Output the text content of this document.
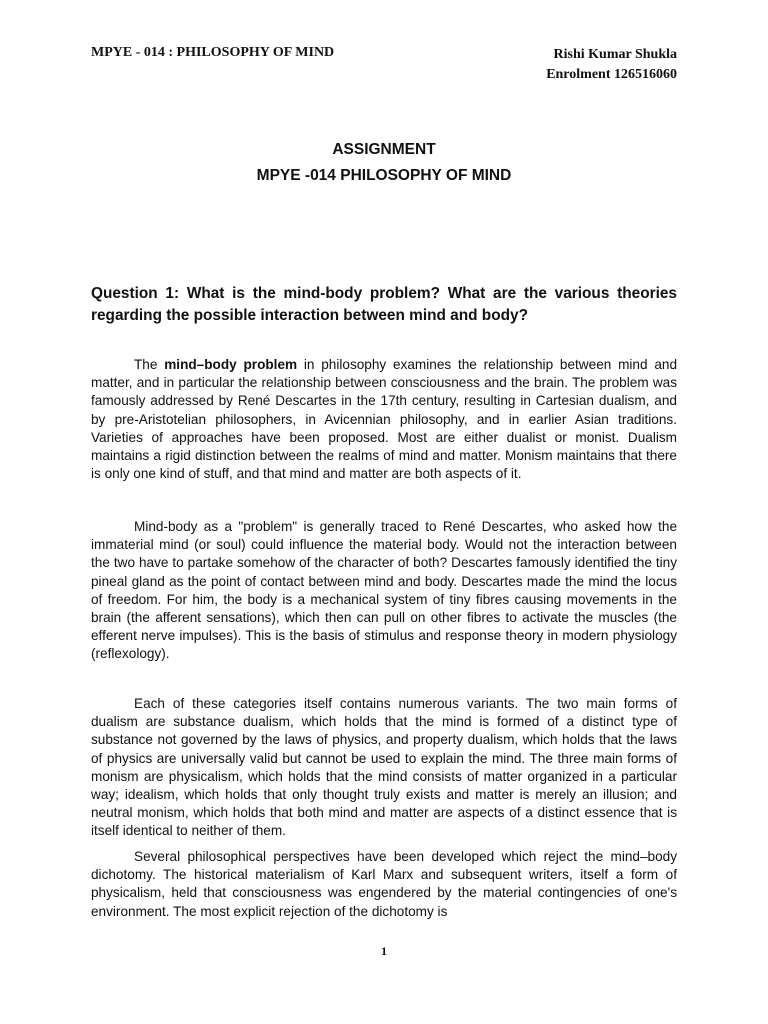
MPYE - 014 : PHILOSOPHY OF MIND	Rishi Kumar Shukla
Enrolment 126516060
ASSIGNMENT
MPYE -014 PHILOSOPHY OF MIND
Question 1: What is the mind-body problem? What are the various theories regarding the possible interaction between mind and body?

The mind–body problem in philosophy examines the relationship between mind and matter, and in particular the relationship between consciousness and the brain. The problem was famously addressed by René Descartes in the 17th century, resulting in Cartesian dualism, and by pre-Aristotelian philosophers, in Avicennian philosophy, and in earlier Asian traditions. Varieties of approaches have been proposed. Most are either dualist or monist. Dualism maintains a rigid distinction between the realms of mind and matter. Monism maintains that there is only one kind of stuff, and that mind and matter are both aspects of it.

Mind-body as a "problem" is generally traced to René Descartes, who asked how the immaterial mind (or soul) could influence the material body. Would not the interaction between the two have to partake somehow of the character of both? Descartes famously identified the tiny pineal gland as the point of contact between mind and body. Descartes made the mind the locus of freedom. For him, the body is a mechanical system of tiny fibres causing movements in the brain (the afferent sensations), which then can pull on other fibres to activate the muscles (the efferent nerve impulses). This is the basis of stimulus and response theory in modern physiology (reflexology).

Each of these categories itself contains numerous variants. The two main forms of dualism are substance dualism, which holds that the mind is formed of a distinct type of substance not governed by the laws of physics, and property dualism, which holds that the laws of physics are universally valid but cannot be used to explain the mind. The three main forms of monism are physicalism, which holds that the mind consists of matter organized in a particular way; idealism, which holds that only thought truly exists and matter is merely an illusion; and neutral monism, which holds that both mind and matter are aspects of a distinct essence that is itself identical to neither of them.

Several philosophical perspectives have been developed which reject the mind–body dichotomy. The historical materialism of Karl Marx and subsequent writers, itself a form of physicalism, held that consciousness was engendered by the material contingencies of one's environment. The most explicit rejection of the dichotomy is

1
